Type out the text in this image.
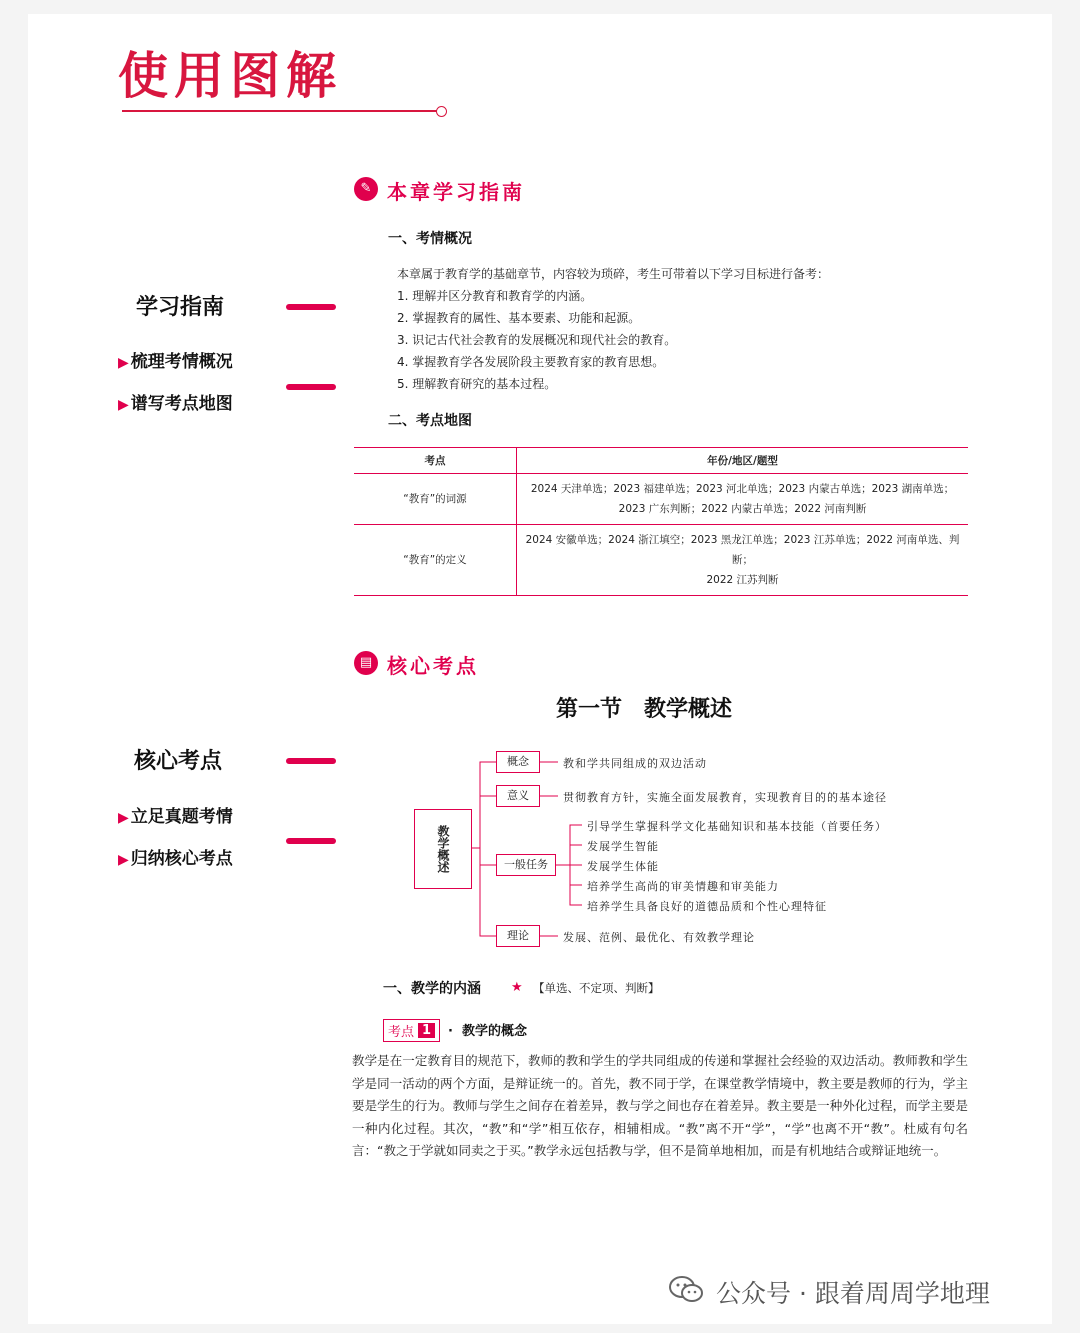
使用图解
学习指南
▶ 梳理考情概况
▶ 谱写考点地图
核心考点
▶ 立足真题考情
▶ 归纳核心考点
✎ 本章学习指南
一、考情概况
本章属于教育学的基础章节，内容较为琐碎，考生可带着以下学习目标进行备考：
1. 理解并区分教育和教育学的内涵。
2. 掌握教育的属性、基本要素、功能和起源。
3. 识记古代社会教育的发展概况和现代社会的教育。
4. 掌握教育学各发展阶段主要教育家的教育思想。
5. 理解教育研究的基本过程。
二、考点地图
考点	年份/地区/题型
“教育”的词源	2024 天津单选；2023 福建单选；2023 河北单选；2023 内蒙古单选；2023 湖南单选；
2023 广东判断；2022 内蒙古单选；2022 河南判断

“教育”的定义	2024 安徽单选；2024 浙江填空；2023 黑龙江单选；2023 江苏单选；2022 河南单选、判断；
2022 江苏判断
▤ 核心考点
第一节　教学概述
教学概述
概念
意义
一般任务
理论
教和学共同组成的双边活动
贯彻教育方针，实施全面发展教育，实现教育目的的基本途径
引导学生掌握科学文化基础知识和基本技能（首要任务）
发展学生智能
发展学生体能
培养学生高尚的审美情趣和审美能力
培养学生具备良好的道德品质和个性心理特征
发展、范例、最优化、有效教学理论
一、教学的内涵 ★ 【单选、不定项、判断】
考点 1	·  教学的概念
教学是在一定教育目的规范下，教师的教和学生的学共同组成的传递和掌握社会经验的双边活动。教师教和学生学是同一活动的两个方面，是辩证统一的。首先，教不同于学，在课堂教学情境中，教主要是教师的行为，学主要是学生的行为。教师与学生之间存在着差异，教与学之间也存在着差异。教主要是一种外化过程，而学主要是一种内化过程。其次，“教”和“学”相互依存，相辅相成。“教”离不开“学”，“学”也离不开“教”。杜威有句名言：“教之于学就如同卖之于买。”教学永远包括教与学，但不是简单地相加，而是有机地结合或辩证地统一。
公众号 · 跟着周周学地理
